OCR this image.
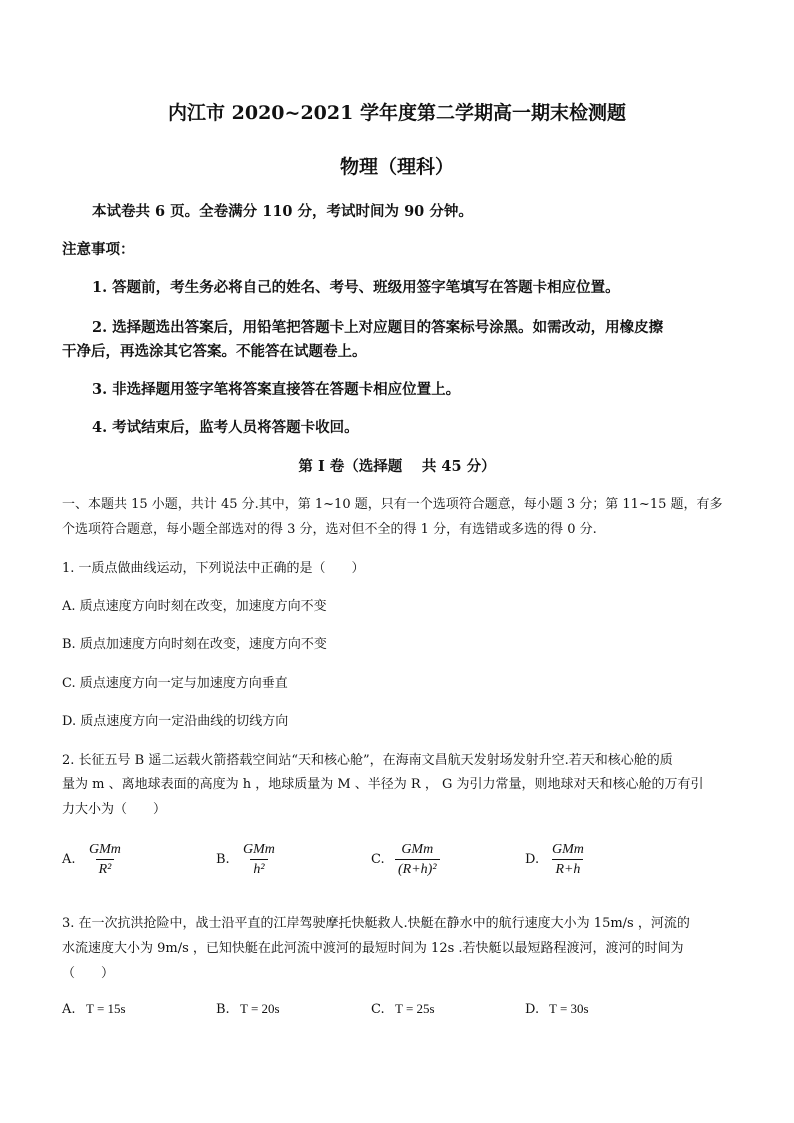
内江市 2020~2021 学年度第二学期高一期末检测题
物理（理科）
本试卷共 6 页。全卷满分 110 分，考试时间为 90 分钟。
注意事项：
1. 答题前，考生务必将自己的姓名、考号、班级用签字笔填写在答题卡相应位置。
2. 选择题选出答案后，用铅笔把答题卡上对应题目的答案标号涂黑。如需改动，用橡皮擦
干净后，再选涂其它答案。不能答在试题卷上。
3. 非选择题用签字笔将答案直接答在答题卡相应位置上。
4. 考试结束后，监考人员将答题卡收回。
第 I 卷（选择题　 共 45 分）
一、本题共 15 小题，共计 45 分.其中，第 1~10 题，只有一个选项符合题意，每小题 3 分；第 11~15 题，有多
个选项符合题意，每小题全部选对的得 3 分，选对但不全的得 1 分，有选错或多选的得 0 分.
1. 一质点做曲线运动，下列说法中正确的是（　　）
A. 质点速度方向时刻在改变，加速度方向不变
B. 质点加速度方向时刻在改变，速度方向不变
C. 质点速度方向一定与加速度方向垂直
D. 质点速度方向一定沿曲线的切线方向
2. 长征五号 B 遥二运载火箭搭载空间站“天和核心舱”，在海南文昌航天发射场发射升空.若天和核心舱的质
量为 m 、离地球表面的高度为 h ，地球质量为 M 、半径为 R ， G 为引力常量，则地球对天和核心舱的万有引
力大小为（　　）
A. $\frac{\text{GMm}}{\text{R²}}$	B. $\frac{\text{GMm}}{\text{h²}}$	C. $\frac{\text{GMm}}{\text{(R+h)²}}$	D. $\frac{\text{GMm}}{R+h}$
3. 在一次抗洪抢险中，战士沿平直的江岸驾驶摩托快艇救人.快艇在静水中的航行速度大小为 15m/s ，河流的
水流速度大小为 9m/s ，已知快艇在此河流中渡河的最短时间为 12s .若快艇以最短路程渡河，渡河的时间为
（　　）
A. T = 15s	B. T = 20s	C. T = 25s	D. T = 30s
